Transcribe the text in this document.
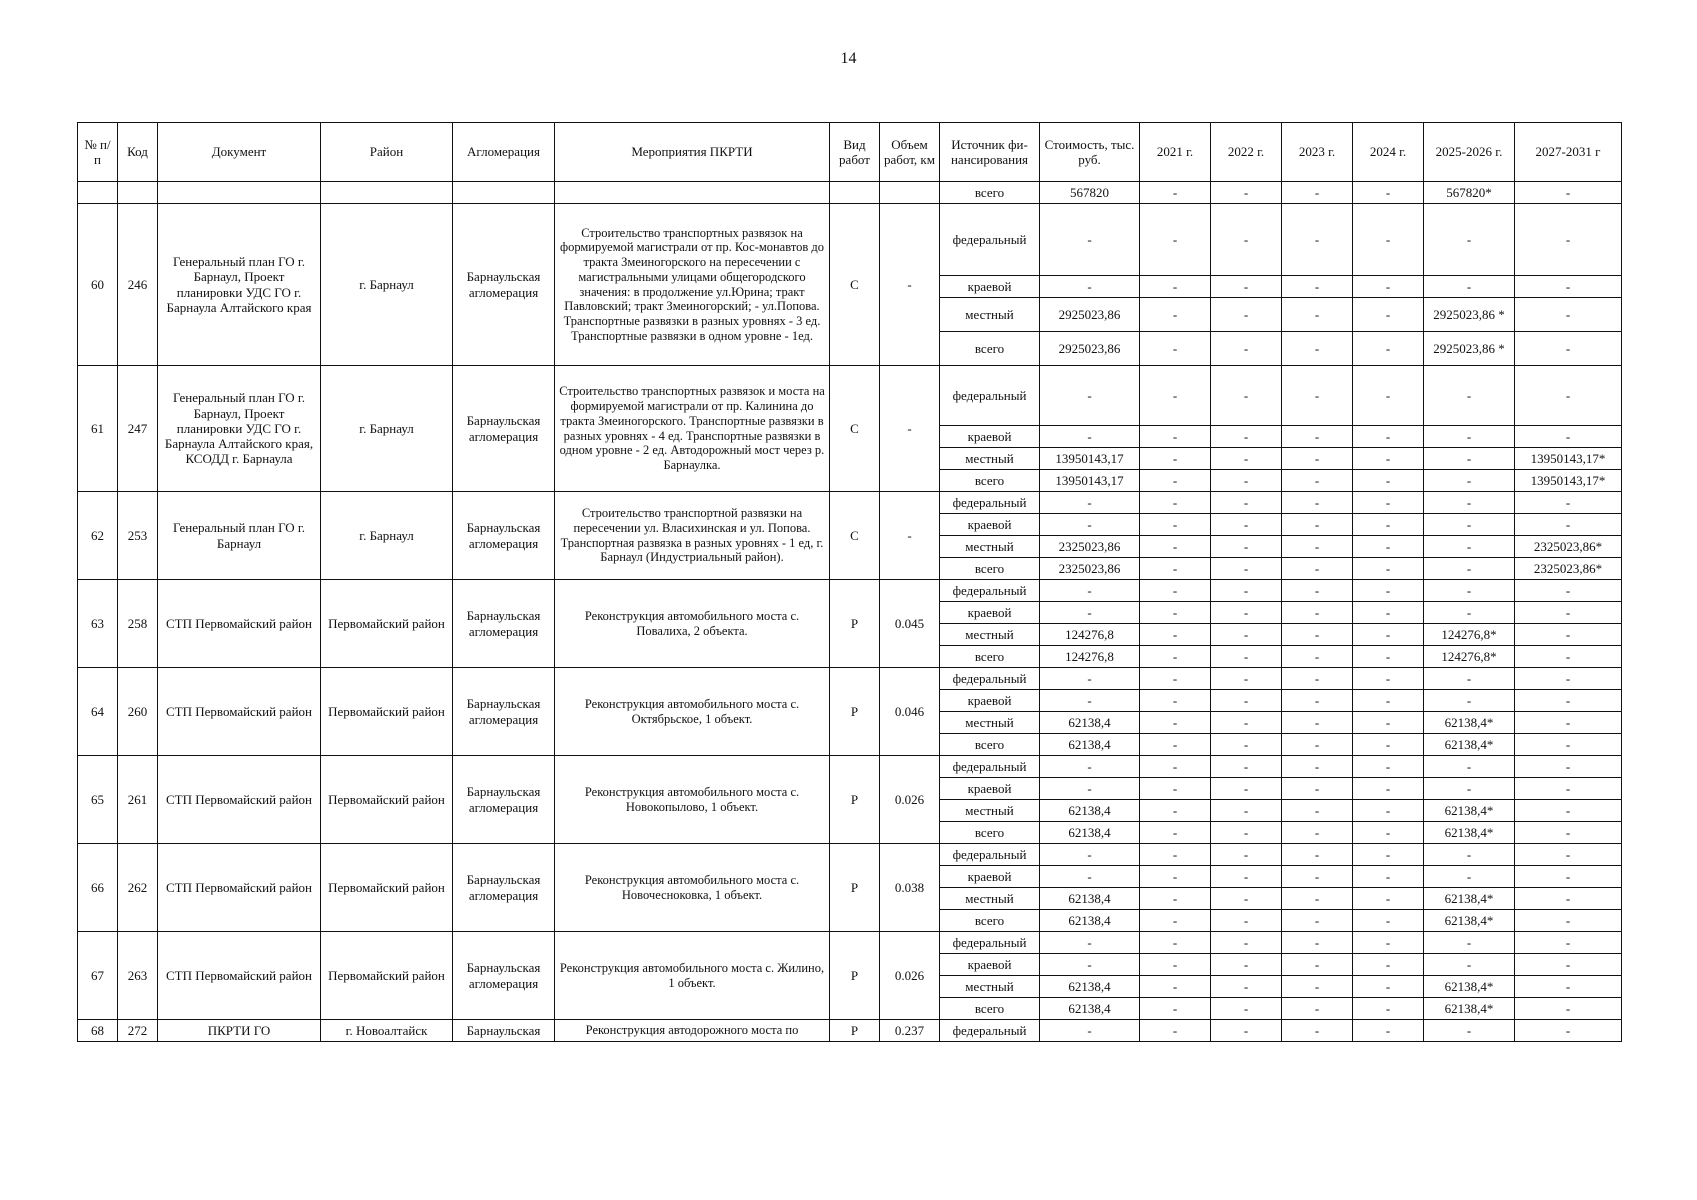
14
№ п/п	Код	Документ	Район	Агломерация	Мероприятия ПКРТИ	Вид работ	Объем работ, км	Источник фи-нансирования	Стоимость, тыс. руб.	2021 г.	2022 г.	2023 г.	2024 г.	2025-2026 г.	2027-2031 г
								всего	567820	-	-	-	-	567820*	-
60	246	Генеральный план ГО г. Барнаул, Проект планировки УДС ГО г. Барнаула Алтайского края	г. Барнаул	Барнаульская агломерация	Строительство транспортных развязок на формируемой магистрали от пр. Кос-монавтов до тракта Змеиногорского на пересечении с магистральными улицами общегородского значения: в продолжение ул.Юрина; тракт Павловский; тракт Змеиногорский; - ул.Попова. Транспортные развязки в разных уровнях - 3 ед. Транспортные развязки в одном уровне - 1ед.	С	-	федеральный	-	-	-	-	-	-	-
								краевой	-	-	-	-	-	-	-
								местный	2925023,86	-	-	-	-	2925023,86 *	-
								всего	2925023,86	-	-	-	-	2925023,86 *	-
61	247	Генеральный план ГО г. Барнаул, Проект планировки УДС ГО г. Барнаула Алтайского края, КСОДД г. Барнаула	г. Барнаул	Барнаульская агломерация	Строительство транспортных развязок и моста на формируемой магистрали от пр. Калинина до тракта Змеиногорского. Транспортные развязки в разных уровнях - 4 ед. Транспортные развязки в одном уровне - 2 ед. Автодорожный мост через р. Барнаулка.	С	-	федеральный	-	-	-	-	-	-	-
								краевой	-	-	-	-	-	-	-
								местный	13950143,17	-	-	-	-	-	13950143,17*
								всего	13950143,17	-	-	-	-	-	13950143,17*
62	253	Генеральный план ГО г. Барнаул	г. Барнаул	Барнаульская агломерация	Строительство транспортной развязки на пересечении ул. Власихинская и ул. Попова. Транспортная развязка в разных уровнях - 1 ед, г. Барнаул (Индустриальный район).	С	-	федеральный	-	-	-	-	-	-	-
								краевой	-	-	-	-	-	-	-
								местный	2325023,86	-	-	-	-	-	2325023,86*
								всего	2325023,86	-	-	-	-	-	2325023,86*
63	258	СТП Первомайский район	Первомайский район	Барнаульская агломерация	Реконструкция автомобильного моста с. Повалиха, 2 объекта.	Р	0.045	федеральный	-	-	-	-	-	-	-
								краевой	-	-	-	-	-	-	-
								местный	124276,8	-	-	-	-	124276,8*	-
								всего	124276,8	-	-	-	-	124276,8*	-
64	260	СТП Первомайский район	Первомайский район	Барнаульская агломерация	Реконструкция автомобильного моста с. Октябрьское, 1 объект.	Р	0.046	федеральный	-	-	-	-	-	-	-
								краевой	-	-	-	-	-	-	-
								местный	62138,4	-	-	-	-	62138,4*	-
								всего	62138,4	-	-	-	-	62138,4*	-
65	261	СТП Первомайский район	Первомайский район	Барнаульская агломерация	Реконструкция автомобильного моста с. Новокопылово, 1 объект.	Р	0.026	федеральный	-	-	-	-	-	-	-
								краевой	-	-	-	-	-	-	-
								местный	62138,4	-	-	-	-	62138,4*	-
								всего	62138,4	-	-	-	-	62138,4*	-
66	262	СТП Первомайский район	Первомайский район	Барнаульская агломерация	Реконструкция автомобильного моста с. Новочесноковка, 1 объект.	Р	0.038	федеральный	-	-	-	-	-	-	-
								краевой	-	-	-	-	-	-	-
								местный	62138,4	-	-	-	-	62138,4*	-
								всего	62138,4	-	-	-	-	62138,4*	-
67	263	СТП Первомайский район	Первомайский район	Барнаульская агломерация	Реконструкция автомобильного моста с. Жилино, 1 объект.	Р	0.026	федеральный	-	-	-	-	-	-	-
								краевой	-	-	-	-	-	-	-
								местный	62138,4	-	-	-	-	62138,4*	-
								всего	62138,4	-	-	-	-	62138,4*	-
68	272	ПКРТИ ГО	г. Новоалтайск	Барнаульская	Реконструкция автодорожного моста по	Р	0.237	федеральный	-	-	-	-	-	-	-
